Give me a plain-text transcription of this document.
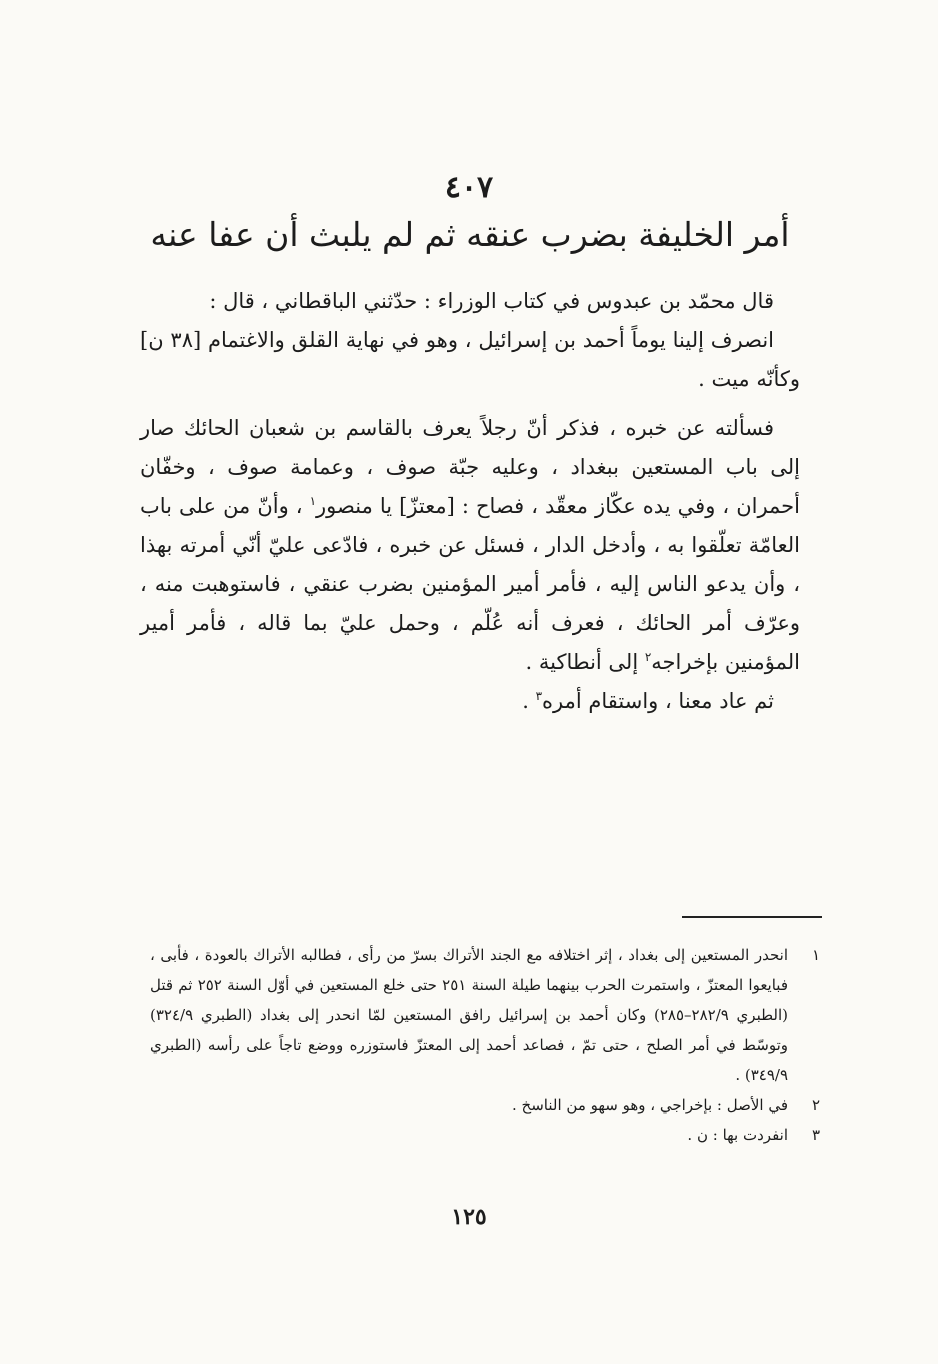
٤٠٧
أمر الخليفة بضرب عنقه ثم لم يلبث أن عفا عنه

قال محمّد بن عبدوس في كتاب الوزراء : حدّثني الباقطاني ، قال :

انصرف إلينا يوماً أحمد بن إسرائيل ، وهو في نهاية القلق والاغتمام [٣٨ ن] وكأنّه ميت .

فسألته عن خبره ، فذكر أنّ رجلاً يعرف بالقاسم بن شعبان الحائك صار إلى باب المستعين ببغداد ، وعليه جبّة صوف ، وعمامة صوف ، وخفّان أحمران ، وفي يده عكّاز معقّد ، فصاح : [معتزّ] يا منصور$^١$ ، وأنّ من على باب العامّة تعلّقوا به ، وأدخل الدار ، فسئل عن خبره ، فادّعى عليّ أنّي أمرته بهذا ، وأن يدعو الناس إليه ، فأمر أمير المؤمنين بضرب عنقي ، فاستوهبت منه ، وعرّف أمر الحائك ، فعرف أنه عُلّم ، وحمل عليّ بما قاله ، فأمر أمير المؤمنين بإخراجه$^٢$ إلى أنطاكية .

ثم عاد معنا ، واستقام أمره$^٣$ .

١
انحدر المستعين إلى بغداد ، إثر اختلافه مع الجند الأتراك بسرّ من رأى ، فطالبه الأتراك بالعودة ، فأبى ، فبايعوا المعتزّ ، واستمرت الحرب بينهما طيلة السنة ٢٥١ حتى خلع المستعين في أوّل السنة ٢٥٢ ثم قتل (الطبري ٢٨٢/٩–٢٨٥) وكان أحمد بن إسرائيل رافق المستعين لمّا انحدر إلى بغداد (الطبري ٣٢٤/٩) وتوسّط في أمر الصلح ، حتى تمّ ، فصاعد أحمد إلى المعتزّ فاستوزره ووضع تاجاً على رأسه (الطبري ٣٤٩/٩) .
٢
في الأصل : بإخراجي ، وهو سهو من الناسخ .
٣
انفردت بها : ن .
١٢٥
